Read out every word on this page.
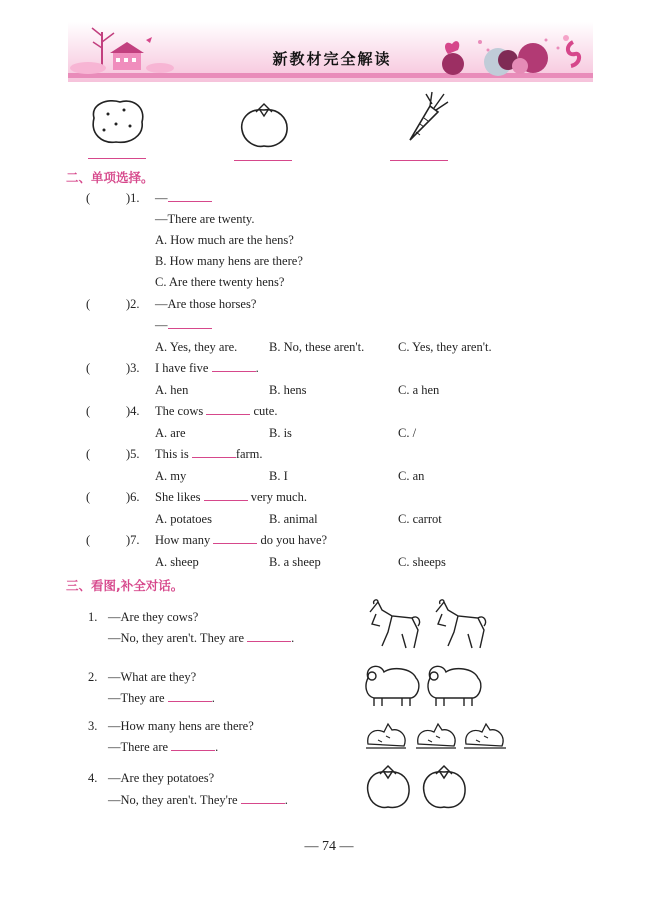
新教材完全解读
二、单项选择。
(	)1. —
—There are twenty.
A. How much are the hens?
B. How many hens are there?
C. Are there twenty hens?
(	)2. —Are those horses?
—
A. Yes, they are.	B. No, these aren't.	C. Yes, they aren't.
(	)3. I have five	.
A. hen	B. hens	C. a hen
(	)4. The cows	cute.
A. are	B. is	C. /
(	)5. This is	farm.
A. my	B. I	C. an
(	)6. She likes	very much.
A. potatoes	B. animal	C. carrot
(	)7. How many	do you have?
A. sheep	B. a sheep	C. sheeps
三、看图,补全对话。
1. —Are they cows?
—No, they aren't. They are	.
2. —What are they?
—They are	.
3. —How many hens are there?
—There are	.
4. —Are they potatoes?
—No, they aren't. They're	.
— 74 —
